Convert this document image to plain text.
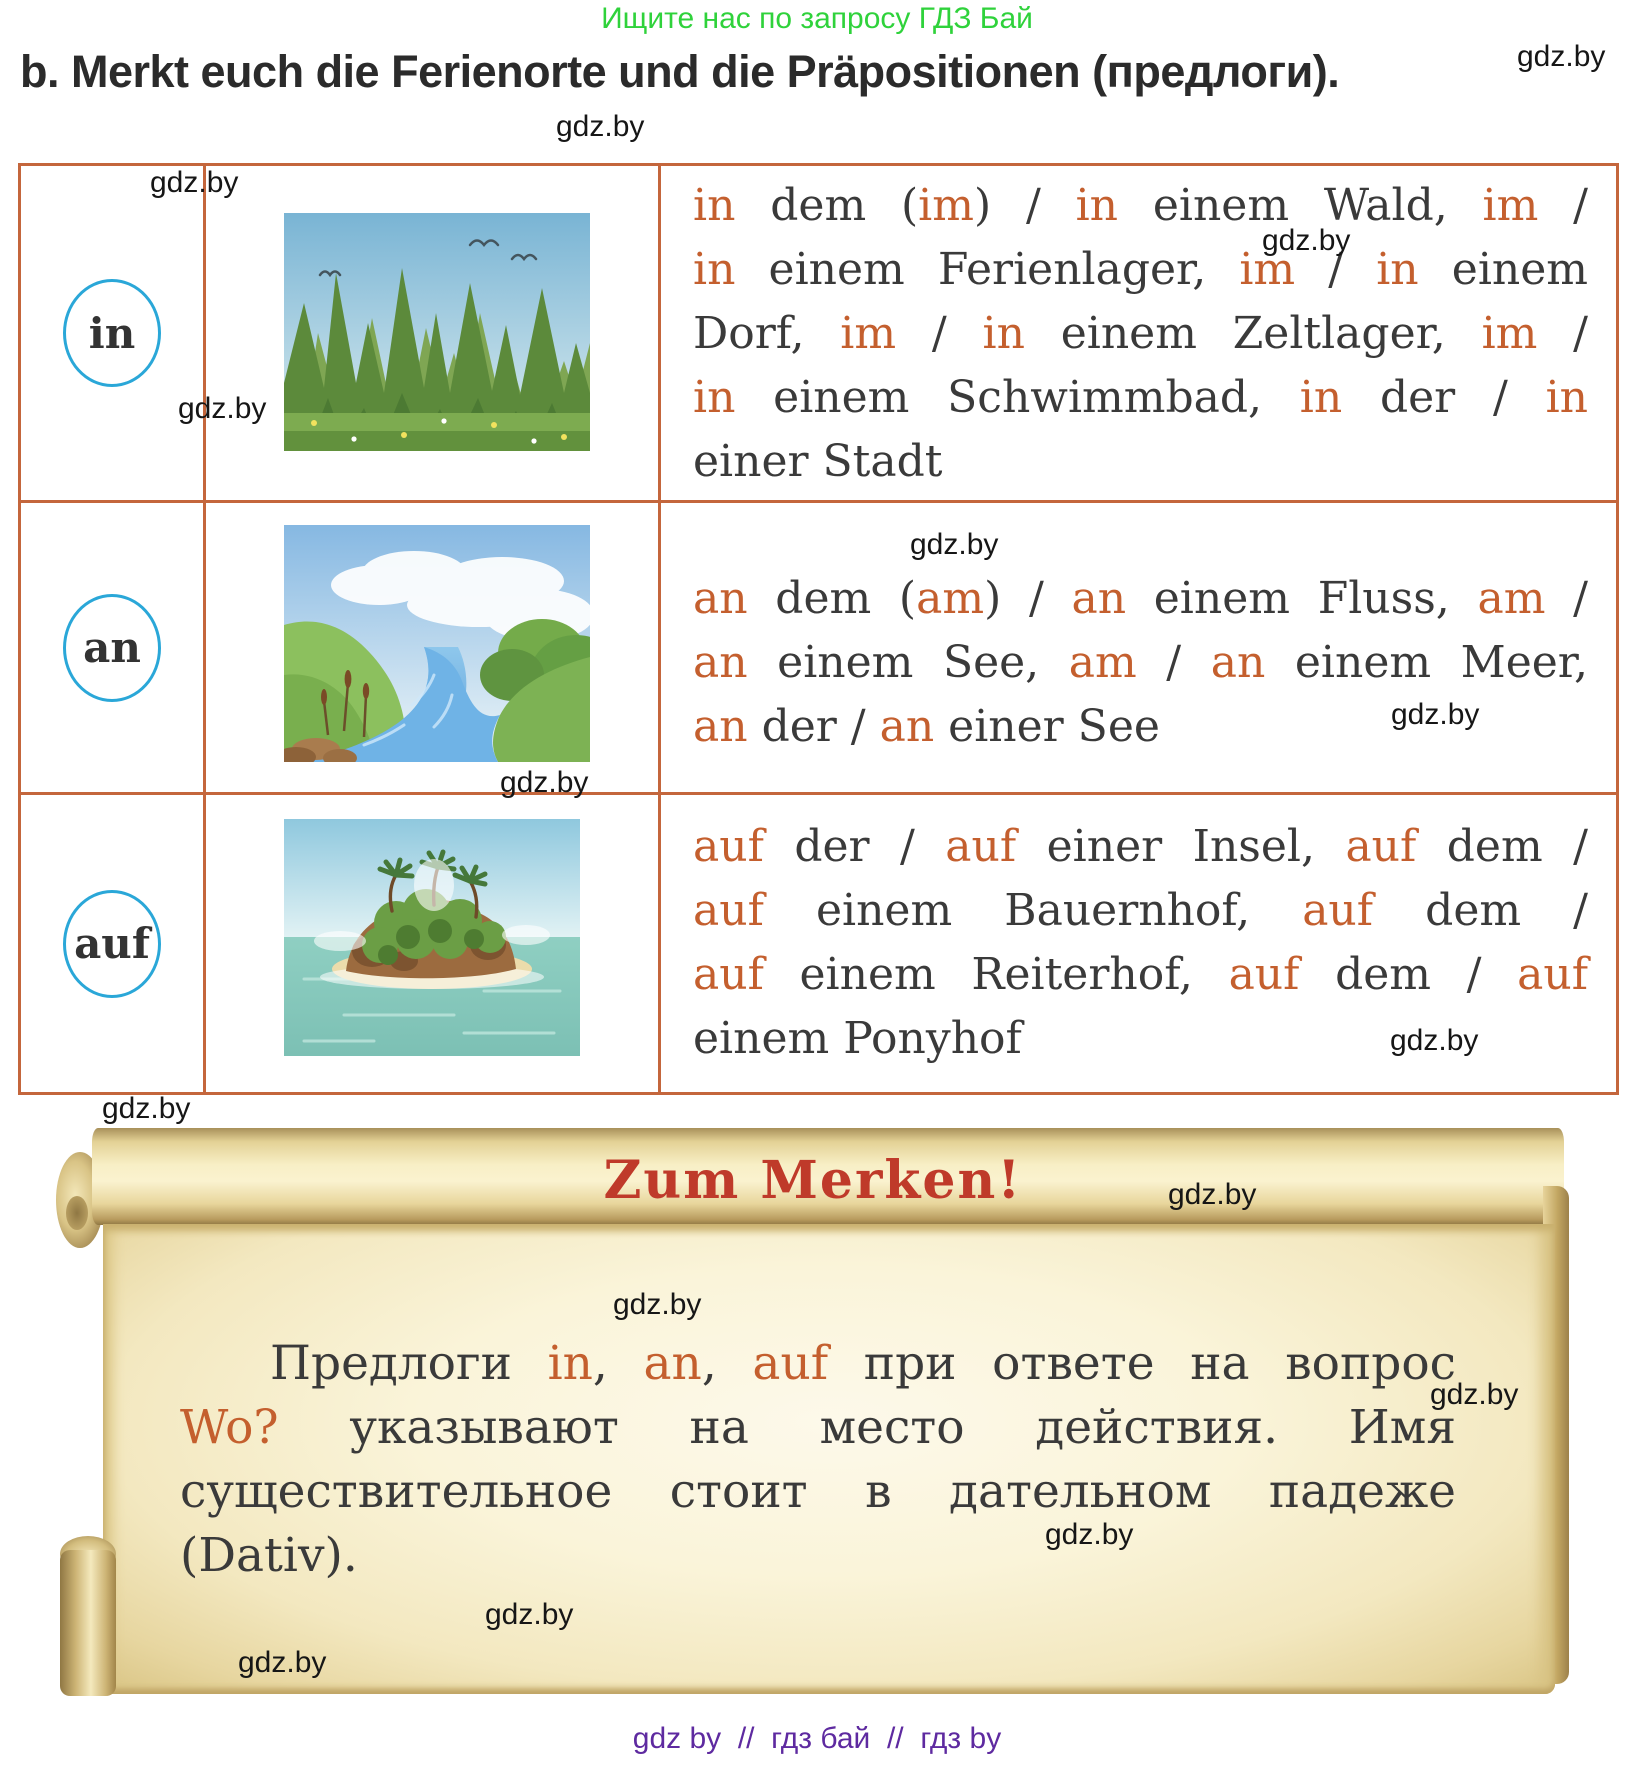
Ищите нас по запросу ГДЗ Бай
b. Merkt euch die Ferienorte und die Präpositionen (предлоги).
in
in dem (im) / in einem Wald, im /
in einem Ferienlager, im / in einem
Dorf, im / in einem Zeltlager, im /
in einem Schwimmbad, in der / in
einer Stadt
an
an dem (am) / an einem Fluss, am /
an einem See, am / an einem Meer,
an der / an einer See
auf
auf der / auf einer Insel, auf dem /
auf einem Bauernhof, auf dem /
auf einem Reiterhof, auf dem / auf
einem Ponyhof
Zum Merken!
Предлоги in, an, auf при ответе на вопрос
Wo? указывают на место действия. Имя
существительное стоит в дательном падеже
(Dativ).
gdz.by
gdz.by
gdz.by
gdz.by
gdz.by
gdz.by
gdz.by
gdz.by
gdz.by
gdz.by
gdz.by
gdz.by
gdz.by
gdz.by
gdz.by
gdz.by
gdz by  //  гдз бай  //  гдз by
